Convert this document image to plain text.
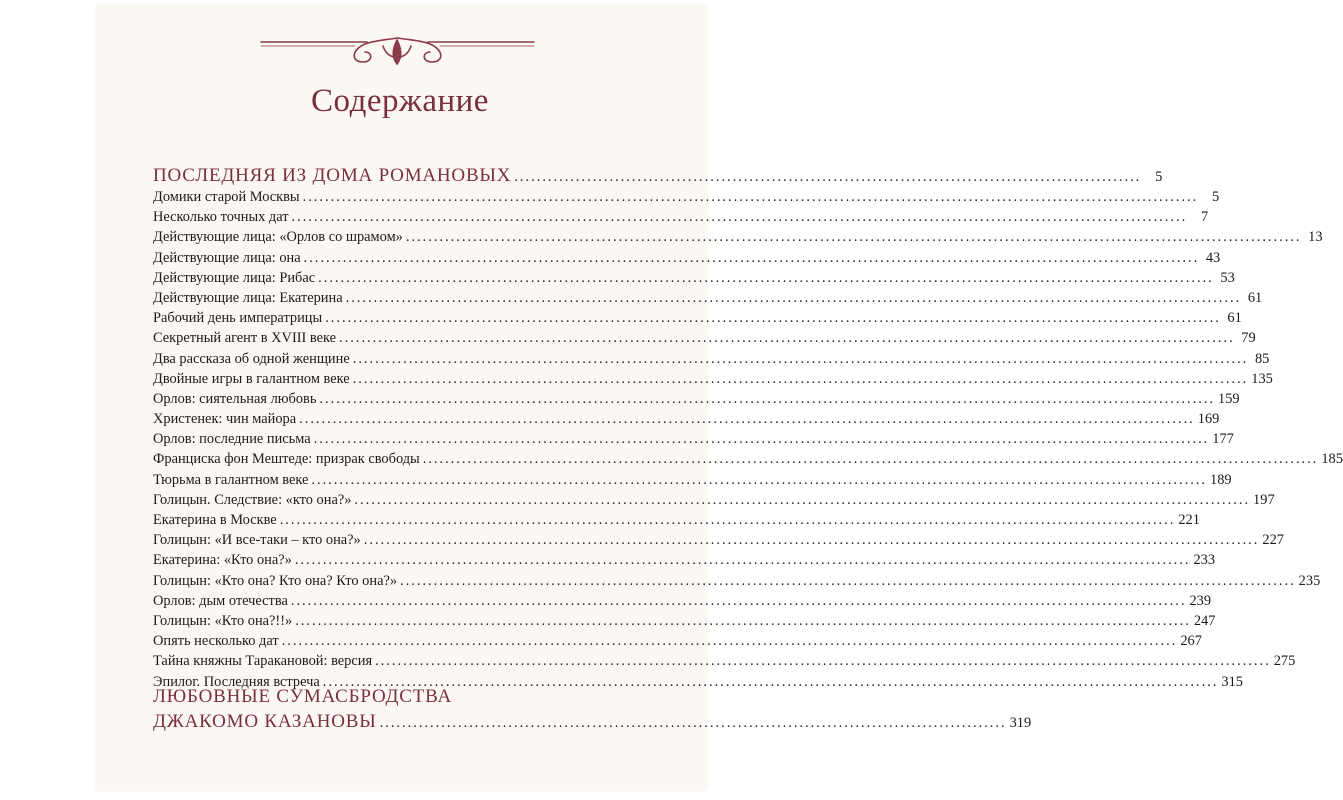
Содержание
ПОСЛЕДНЯЯ ИЗ ДОМА РОМАНОВЫХ ................................................................................................................ 5
Домики старой Москвы ................................................................................................................................................................ 5
Несколько точных дат ................................................................................................................................................................ 7
Действующие лица: «Орлов со шрамом» ................................................................................................................................................................ 13
Действующие лица: она ................................................................................................................................................................ 43
Действующие лица: Рибас ................................................................................................................................................................ 53
Действующие лица: Екатерина ................................................................................................................................................................ 61
Рабочий день императрицы ................................................................................................................................................................ 61
Секретный агент в XVIII веке ................................................................................................................................................................ 79
Два рассказа об одной женщине ................................................................................................................................................................ 85
Двойные игры в галантном веке ................................................................................................................................................................ 135
Орлов: сиятельная любовь ................................................................................................................................................................ 159
Христенек: чин майора ................................................................................................................................................................ 169
Орлов: последние письма ................................................................................................................................................................ 177
Франциска фон Мештеде: призрак свободы ................................................................................................................................................................ 185
Тюрьма в галантном веке ................................................................................................................................................................ 189
Голицын. Следствие: «кто она?» ................................................................................................................................................................ 197
Екатерина в Москве ................................................................................................................................................................ 221
Голицын: «И все-таки – кто она?» ................................................................................................................................................................ 227
Екатерина: «Кто она?» ................................................................................................................................................................ 233
Голицын: «Кто она? Кто она? Кто она?» ................................................................................................................................................................ 235
Орлов: дым отечества ................................................................................................................................................................ 239
Голицын: «Кто она?!!» ................................................................................................................................................................ 247
Опять несколько дат ................................................................................................................................................................ 267
Тайна княжны Таракановой: версия ................................................................................................................................................................ 275
Эпилог. Последняя встреча ................................................................................................................................................................ 315
ЛЮБОВНЫЕ СУМАСБРОДСТВА
ДЖАКОМО КАЗАНОВЫ ................................................................................................................ 319
